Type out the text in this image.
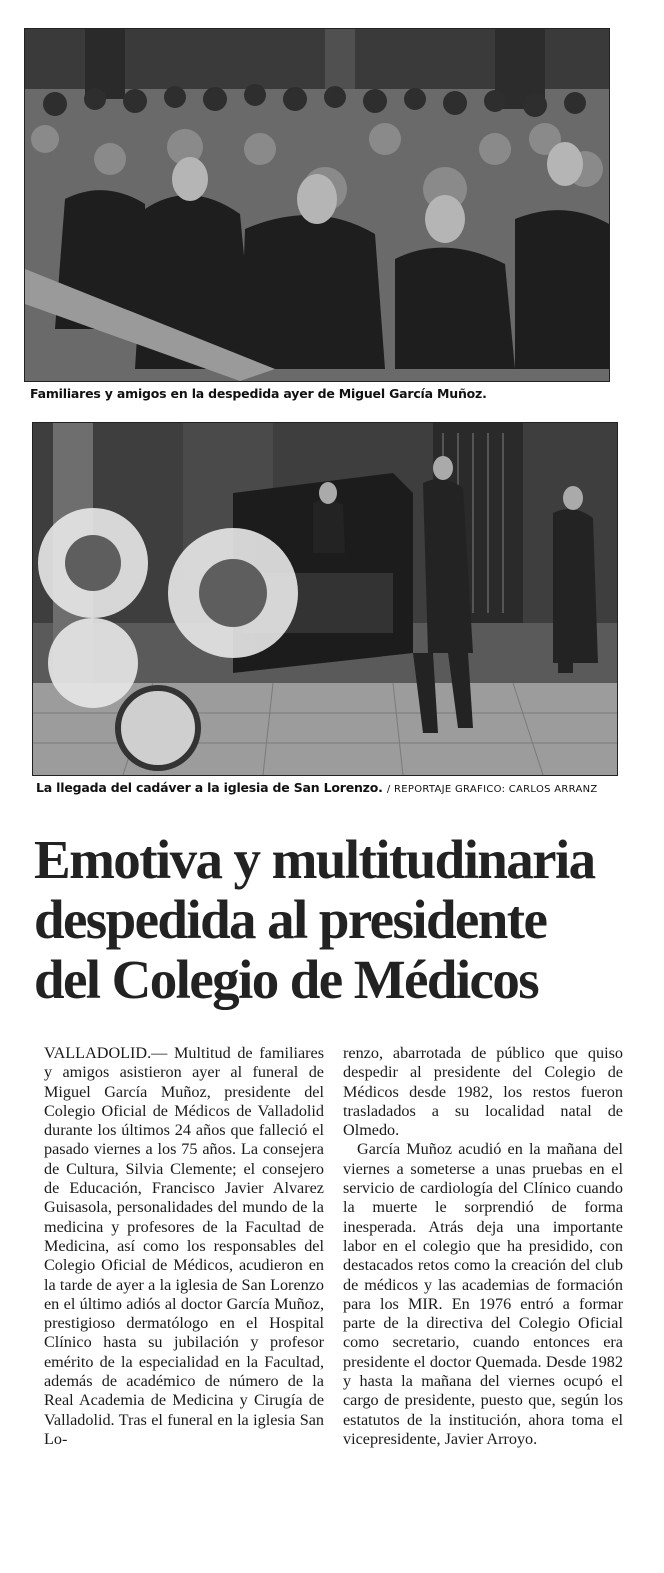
Familiares y amigos en la despedida ayer de Miguel García Muñoz.
La llegada del cadáver a la iglesia de San Lorenzo. / REPORTAJE GRAFICO: CARLOS ARRANZ
Emotiva y multitudinaria
despedida al presidente
del Colegio de Médicos

VALLADOLID.— Multitud de familiares y amigos asistieron ayer al funeral de Miguel García Muñoz, presidente del Colegio Oficial de Médicos de Valladolid durante los últimos 24 años que falleció el pasado viernes a los 75 años. La consejera de Cultura, Silvia Clemente; el consejero de Educación, Francisco Javier Alvarez Guisasola, personalidades del mundo de la medicina y profesores de la Facultad de Medicina, así como los responsables del Colegio Oficial de Médicos, acudieron en la tarde de ayer a la iglesia de San Lorenzo en el último adiós al doctor García Muñoz, prestigioso dermatólogo en el Hospital Clínico hasta su jubilación y profesor emérito de la especialidad en la Facultad, además de académico de número de la Real Academia de Medicina y Cirugía de Valladolid. Tras el funeral en la iglesia San Lo-

renzo, abarrotada de público que quiso despedir al presidente del Colegio de Médicos desde 1982, los restos fueron trasladados a su localidad natal de Olmedo.

García Muñoz acudió en la mañana del viernes a someterse a unas pruebas en el servicio de cardiología del Clínico cuando la muerte le sorprendió de forma inesperada. Atrás deja una importante labor en el colegio que ha presidido, con destacados retos como la creación del club de médicos y las academias de formación para los MIR. En 1976 entró a formar parte de la directiva del Colegio Oficial como secretario, cuando entonces era presidente el doctor Quemada. Desde 1982 y hasta la mañana del viernes ocupó el cargo de presidente, puesto que, según los estatutos de la institución, ahora toma el vicepresidente, Javier Arroyo.
